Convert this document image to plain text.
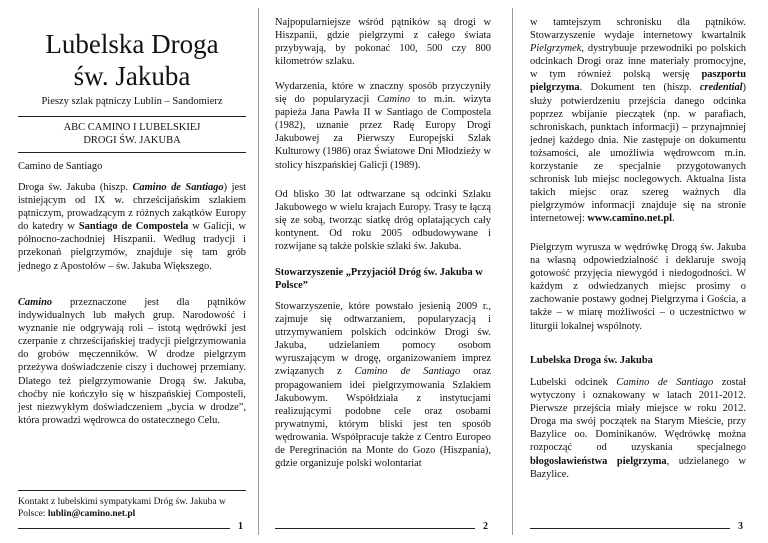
Lubelska Droga
św. Jakuba
Pieszy szlak pątniczy Lublin – Sandomierz
ABC CAMINO I LUBELSKIEJ
DROGI ŚW. JAKUBA
Camino de Santiago

Droga św. Jakuba (hiszp. Camino de Santiago) jest istniejącym od IX w. chrześcijańskim szlakiem pątniczym, prowadzącym z różnych zakątków Europy do katedry w Santiago de Compostela w Galicji, w północno-zachodniej Hiszpanii. Według tradycji i przekonań pielgrzymów, znajduje się tam grób jednego z Apostołów – św. Jakuba Większego.

Camino przeznaczone jest dla pątników indywidualnych lub małych grup. Narodowość i wyznanie nie odgrywają roli – istotą wędrówki jest czerpanie z chrześcijańskiej tradycji pielgrzymowania do grobów męczenników. W drodze pielgrzym przeżywa doświadczenie ciszy i duchowej przemiany. Dlatego też pielgrzymowanie Drogą św. Jakuba, choćby nie kończyło się w hiszpańskiej Composteli, jest niezwykłym doświadczeniem „bycia w drodze”, która prowadzi wędrowca do ostatecznego Celu.

Kontakt z lubelskimi sympatykami Dróg św. Jakuba w Polsce: lublin@camino.net.pl
1

Najpopularniejsze wśród pątników są drogi w Hiszpanii, gdzie pielgrzymi z całego świata przybywają, by pokonać 100, 500 czy 800 kilometrów szlaku.

Wydarzenia, które w znaczny sposób przyczyniły się do popularyzacji Camino to m.in. wizyta papieża Jana Pawła II w Santiago de Compostela (1982), uznanie przez Radę Europy Drogi Jakubowej za Pierwszy Europejski Szlak Kulturowy (1986) oraz Światowe Dni Młodzieży w stolicy hiszpańskiej Galicji (1989).

Od blisko 30 lat odtwarzane są odcinki Szlaku Jakubowego w wielu krajach Europy. Trasy te łączą się ze sobą, tworząc siatkę dróg oplatających cały kontynent. Od roku 2005 odbudowywane i rozwijane są także polskie szlaki św. Jakuba.

Stowarzyszenie „Przyjaciół Dróg św. Jakuba w Polsce”

Stowarzyszenie, które powstało jesienią 2009 r., zajmuje się odtwarzaniem, popularyzacją i utrzymywaniem polskich odcinków Drogi św. Jakuba, udzielaniem pomocy osobom wyruszającym w drogę, organizowaniem imprez związanych z Camino de Santiago oraz propagowaniem idei pielgrzymowania Szlakiem Jakubowym. Współdziała z instytucjami realizującymi podobne cele oraz osobami prywatnymi, którym bliski jest ten sposób wędrowania. Współpracuje także z Centro Europeo de Peregrinación na Monte do Gozo (Hiszpania), gdzie organizuje polski wolontariat

2

w tamtejszym schronisku dla pątników. Stowarzyszenie wydaje internetowy kwartalnik Pielgrzymek, dystrybuuje przewodniki po polskich odcinkach Drogi oraz inne materiały promocyjne, w tym również polską wersję paszportu pielgrzyma. Dokument ten (hiszp. credential) służy potwierdzeniu przejścia danego odcinka poprzez wbijanie pieczątek (np. w parafiach, schroniskach, punktach informacji) – przynajmniej jednej każdego dnia. Nie zastępuje on dokumentu tożsamości, ale umożliwia wędrowcom m.in. korzystanie ze specjalnie przygotowanych schronisk lub miejsc noclegowych. Aktualna lista takich miejsc oraz szereg ważnych dla pielgrzymów informacji znajduje się na stronie internetowej: www.camino.net.pl.

Pielgrzym wyrusza w wędrówkę Drogą św. Jakuba na własną odpowiedzialność i deklaruje swoją gotowość przyjęcia niewygód i niedogodności. W każdym z odwiedzanych miejsc prosimy o zachowanie postawy godnej Pielgrzyma i Gościa, a także – w miarę możliwości – o uczestnictwo w liturgii lokalnej wspólnoty.

Lubelska Droga św. Jakuba

Lubelski odcinek Camino de Santiago został wytyczony i oznakowany w latach 2011-2012. Pierwsze przejścia miały miejsce w roku 2012. Droga ma swój początek na Starym Mieście, przy Bazylice oo. Dominikanów. Wędrówkę można rozpocząć od uzyskania specjalnego błogosławieństwa pielgrzyma, udzielanego w Bazylice.

3
